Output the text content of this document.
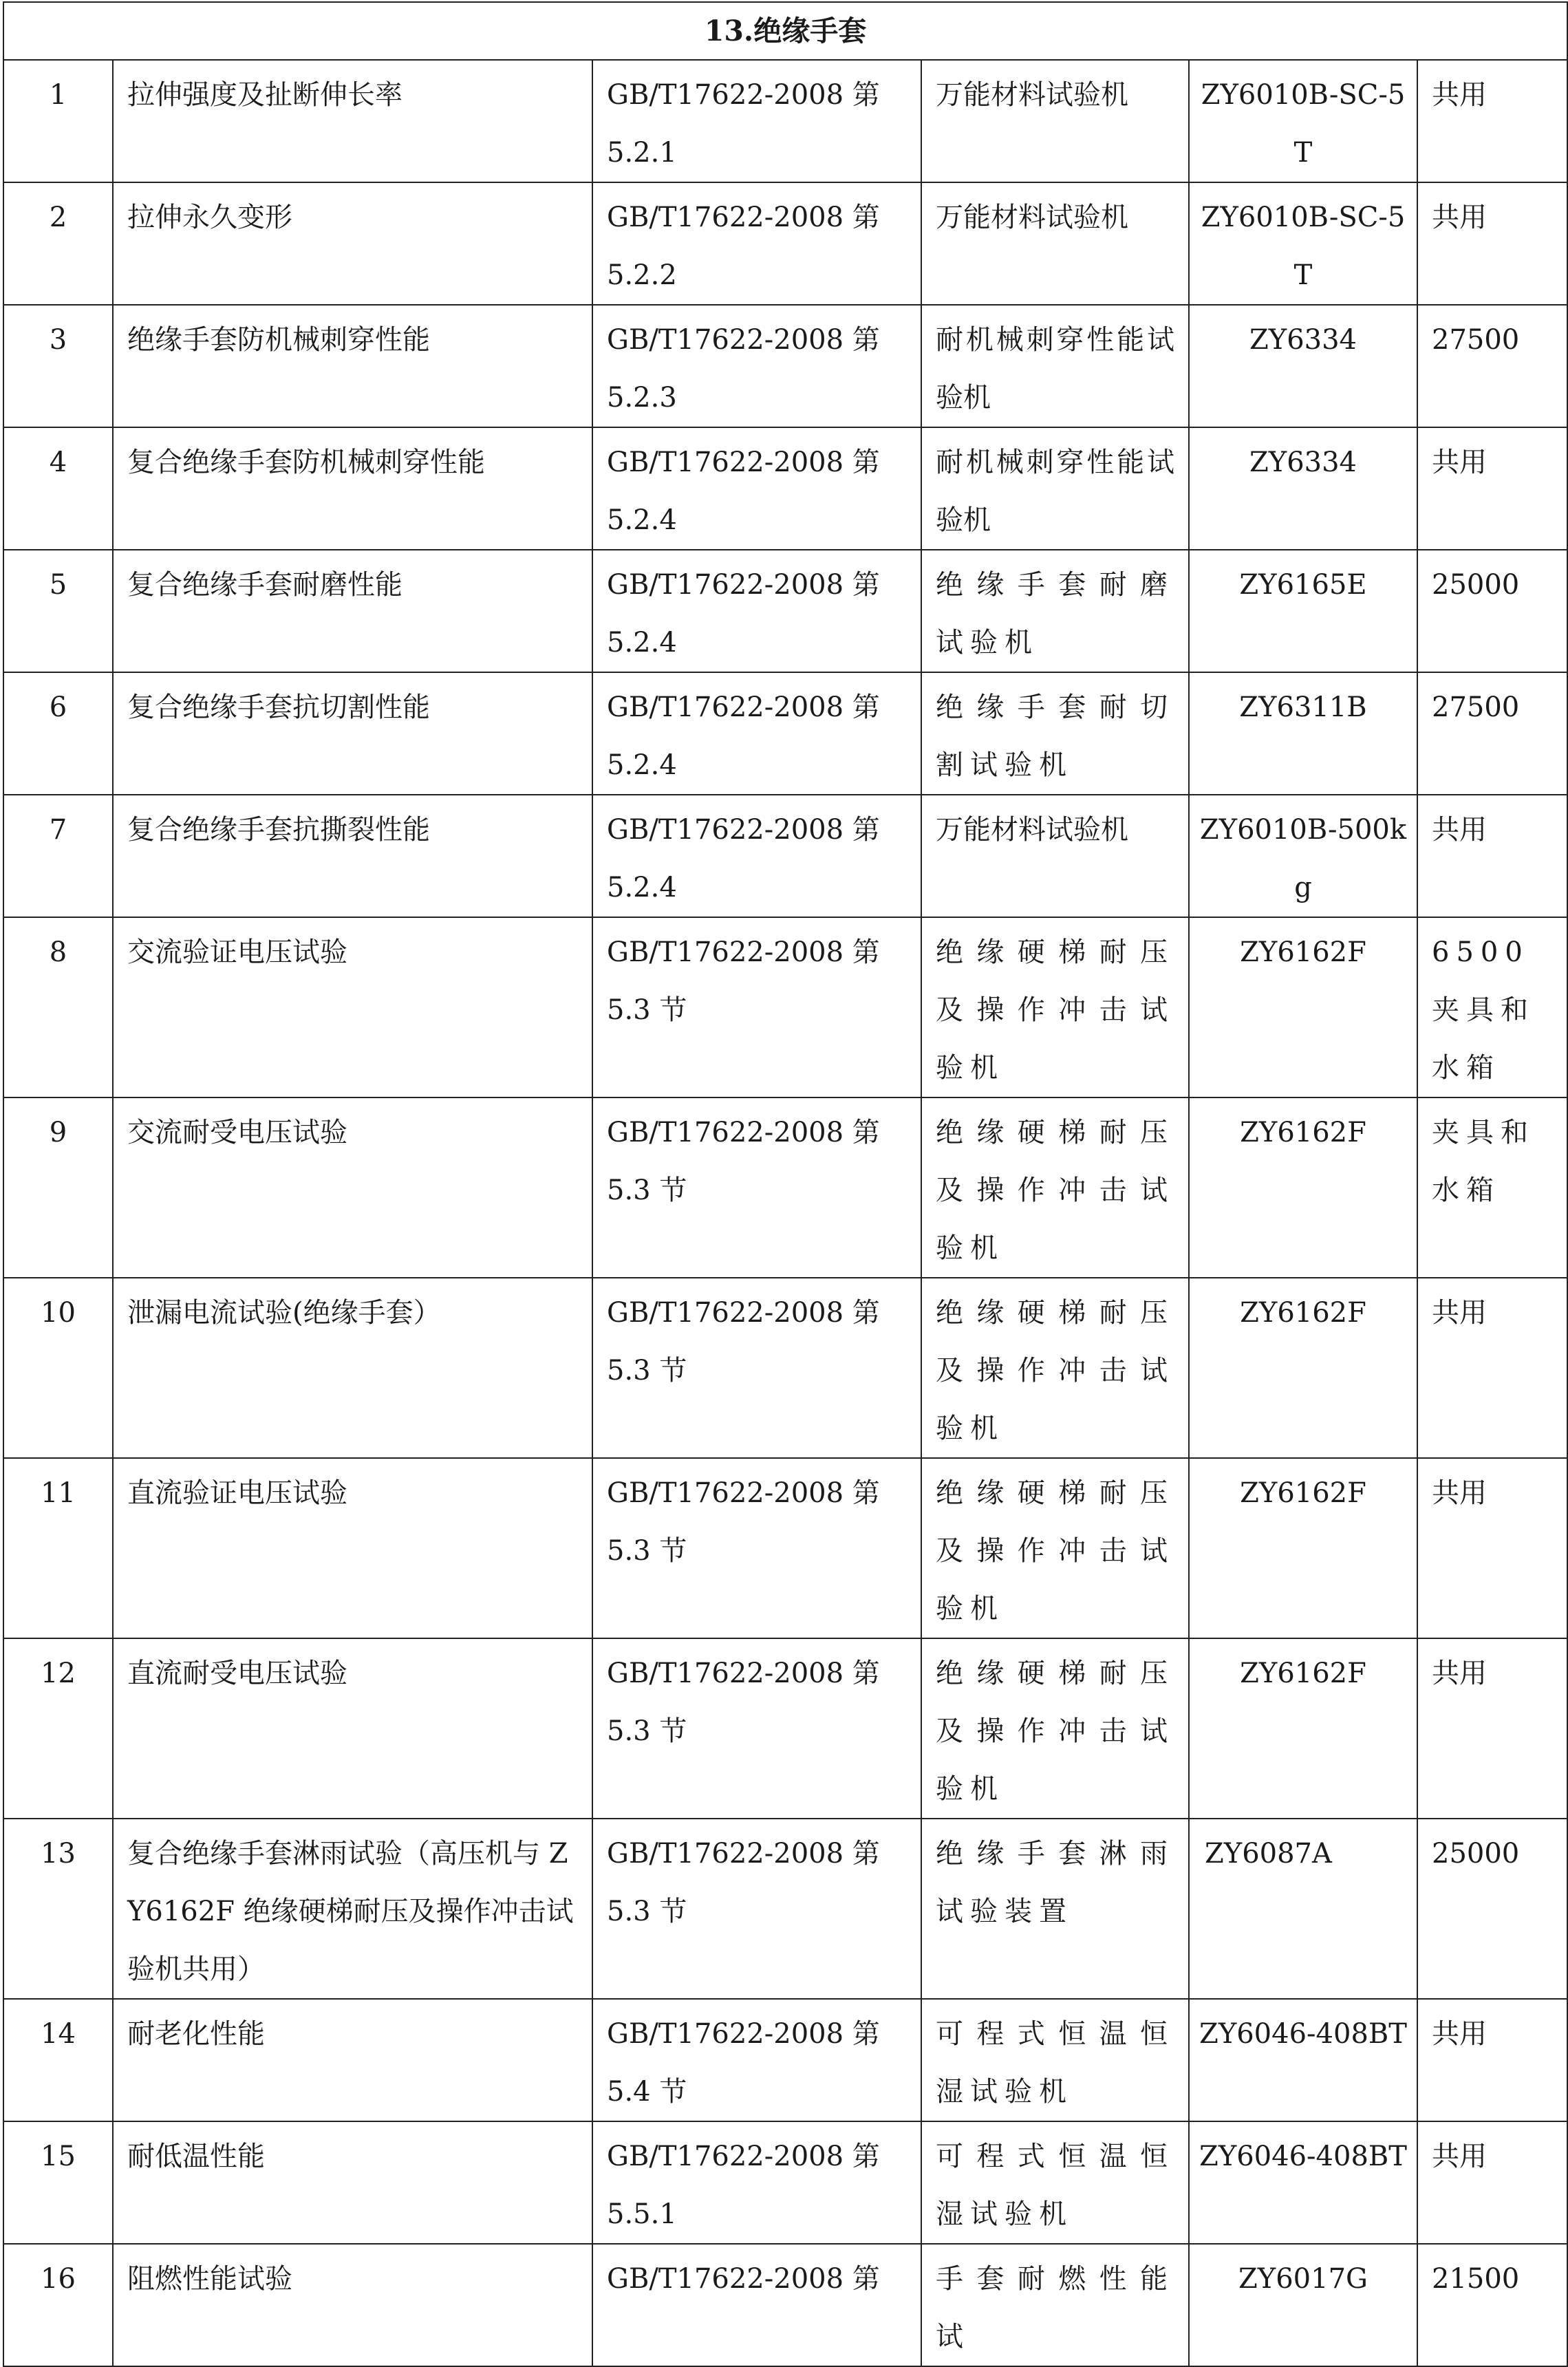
13.绝缘手套					
1	拉伸强度及扯断伸长率	GB/T17622-2008 第 5.2.1	万能材料试验机	ZY6010B-SC-5T	共用
2	拉伸永久变形	GB/T17622-2008 第 5.2.2	万能材料试验机	ZY6010B-SC-5T	共用
3	绝缘手套防机械刺穿性能	GB/T17622-2008 第 5.2.3	耐机械刺穿性能试验机	ZY6334	27500
4	复合绝缘手套防机械刺穿性能	GB/T17622-2008 第 5.2.4	耐机械刺穿性能试验机	ZY6334	共用
5	复合绝缘手套耐磨性能	GB/T17622-2008 第 5.2.4	绝缘手套耐磨试验机	ZY6165E	25000
6	复合绝缘手套抗切割性能	GB/T17622-2008 第 5.2.4	绝缘手套耐切割试验机	ZY6311B	27500
7	复合绝缘手套抗撕裂性能	GB/T17622-2008 第 5.2.4	万能材料试验机	ZY6010B-500kg	共用
8	交流验证电压试验	GB/T17622-2008 第 5.3 节	绝缘硬梯耐压及操作冲击试验机	ZY6162F	6500 夹具和水箱
9	交流耐受电压试验	GB/T17622-2008 第 5.3 节	绝缘硬梯耐压及操作冲击试验机	ZY6162F	夹具和水箱
10	泄漏电流试验(绝缘手套）	GB/T17622-2008 第 5.3 节	绝缘硬梯耐压及操作冲击试验机	ZY6162F	共用
11	直流验证电压试验	GB/T17622-2008 第 5.3 节	绝缘硬梯耐压及操作冲击试验机	ZY6162F	共用
12	直流耐受电压试验	GB/T17622-2008 第 5.3 节	绝缘硬梯耐压及操作冲击试验机	ZY6162F	共用
13	复合绝缘手套淋雨试验（高压机与 ZY6162F 绝缘硬梯耐压及操作冲击试验机共用）	GB/T17622-2008 第 5.3 节	绝缘手套淋雨试验装置	ZY6087A	25000
14	耐老化性能	GB/T17622-2008 第 5.4 节	可程式恒温恒湿试验机	ZY6046-408BT	共用
15	耐低温性能	GB/T17622-2008 第 5.5.1	可程式恒温恒湿试验机	ZY6046-408BT	共用
16	阻燃性能试验	GB/T17622-2008 第	手套耐燃性能试	ZY6017G	21500
